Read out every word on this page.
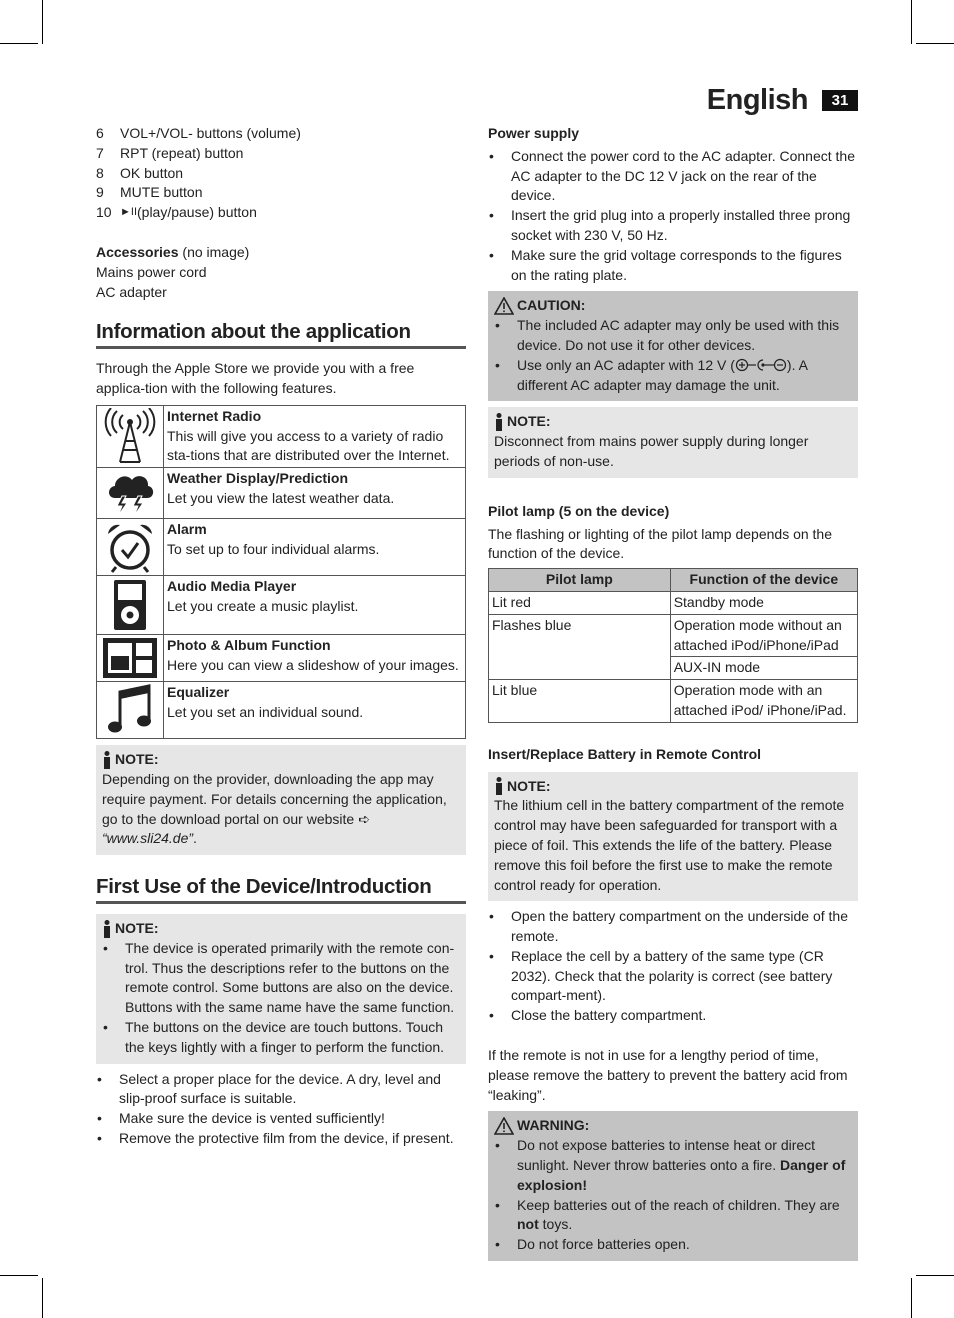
English	31
6	VOL+/VOL- buttons (volume)
7	RPT (repeat) button
8	OK button
9	MUTE button
10 ►II (play/pause) button

Accessories (no image)

Mains power cord

AC adapter

Information about the application

Through the Apple Store we provide you with a free applica-tion with the following features.

Internet Radio
This will give you access to a variety of radio sta-tions that are distributed over the Internet.

Weather Display/Prediction
Let you view the latest weather data.

Alarm
To set up to four individual alarms.

Audio Media Player
Let you create a music playlist.

Photo & Album Function
Here you can view a slideshow of your images.

Equalizer
Let you set an individual sound.
NOTE:

Depending on the provider, downloading the app may require payment. For details concerning the application, go to the download portal on our website ➪ “www.sli24.de”.

First Use of the Device/Introduction
NOTE:
• The device is operated primarily with the remote con-trol. Thus the descriptions refer to the buttons on the remote control. Some buttons are also on the device. Buttons with the same name have the same function.
• The buttons on the device are touch buttons. Touch the keys lightly with a finger to perform the function.
• Select a proper place for the device. A dry, level and slip-proof surface is suitable.
• Make sure the device is vented sufficiently!
• Remove the protective film from the device, if present.

Power supply

• Connect the power cord to the AC adapter. Connect the AC adapter to the DC 12 V jack on the rear of the device.
• Insert the grid plug into a properly installed three prong socket with 230 V, 50 Hz.
• Make sure the grid voltage corresponds to the figures on the rating plate.
CAUTION:
• The included AC adapter may only be used with this device. Do not use it for other devices.
• Use only an AC adapter with 12 V (	). A different AC adapter may damage the unit.
NOTE:

Disconnect from mains power supply during longer periods of non-use.

Pilot lamp (5 on the device)

The flashing or lighting of the pilot lamp depends on the function of the device.

Pilot lamp	Function of the device
Lit red	Standby mode
Flashes blue	Operation mode without an attached iPod/iPhone/iPad
	AUX-IN mode
Lit blue	Operation mode with an attached iPod/ iPhone/iPad.

Insert/Replace Battery in Remote Control

NOTE:

The lithium cell in the battery compartment of the remote control may have been safeguarded for transport with a piece of foil. This extends the life of the battery. Please remove this foil before the first use to make the remote control ready for operation.

• Open the battery compartment on the underside of the remote.
• Replace the cell by a battery of the same type (CR 2032). Check that the polarity is correct (see battery compart-ment).
• Close the battery compartment.

If the remote is not in use for a lengthy period of time, please remove the battery to prevent the battery acid from “leaking”.

WARNING:
• Do not expose batteries to intense heat or direct sunlight. Never throw batteries onto a fire. Danger of explosion!
• Keep batteries out of the reach of children. They are not toys.
• Do not force batteries open.
